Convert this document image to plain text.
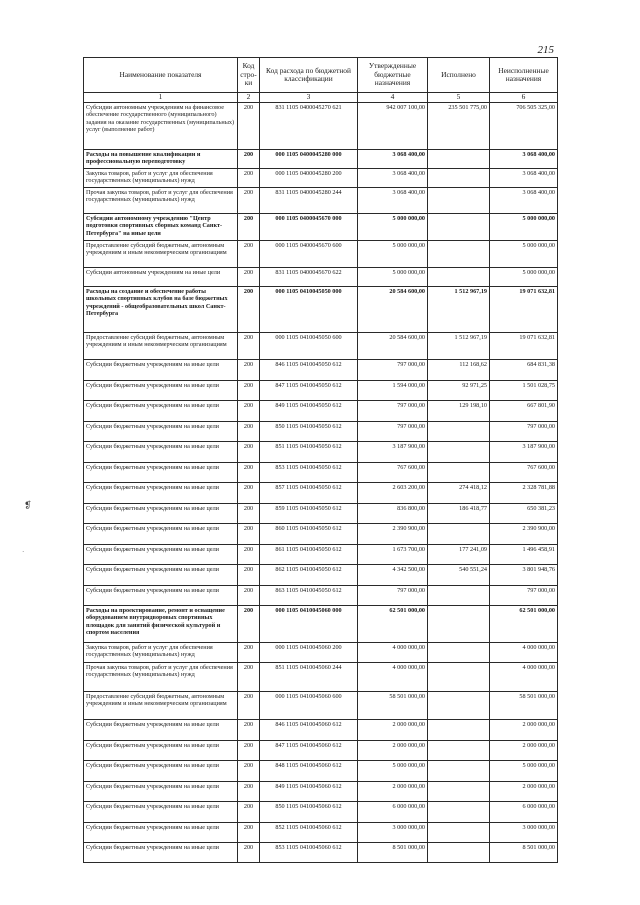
215
❡
·
Наименование показателя	Код стро-ки	Код расхода по бюджетной классификации	Утвержденные бюджетные назначения	Исполнено	Неисполненные назначения
1	2	3	4	5	6
Субсидии автономным учреждениям на финансовое обеспечение государственного (муниципального) задания на оказание государственных (муниципальных) услуг (выполнение работ)	200	831 1105 0400045270 621	942 007 100,00	235 501 775,00	706 505 325,00
Расходы на повышение квалификации и профессиональную переподготовку	200	000 1105 0400045280 000	3 068 400,00		3 068 400,00
Закупка товаров, работ и услуг для обеспечения государственных (муниципальных) нужд	200	000 1105 0400045280 200	3 068 400,00		3 068 400,00
Прочая закупка товаров, работ и услуг для обеспечения государственных (муниципальных) нужд	200	831 1105 0400045280 244	3 068 400,00		3 068 400,00
Субсидии автономному учреждению "Центр подготовки спортивных сборных команд Санкт-Петербурга" на иные цели	200	000 1105 0400045670 000	5 000 000,00		5 000 000,00
Предоставление субсидий бюджетным, автономным учреждениям и иным некоммерческим организациям	200	000 1105 0400045670 600	5 000 000,00		5 000 000,00
Субсидии автономным учреждениям на иные цели	200	831 1105 0400045670 622	5 000 000,00		5 000 000,00
Расходы на создание и обеспечение работы школьных спортивных клубов на базе бюджетных учреждений - общеобразовательных школ Санкт-Петербурга	200	000 1105 0410045050 000	20 584 600,00	1 512 967,19	19 071 632,81
Предоставление субсидий бюджетным, автономным учреждениям и иным некоммерческим организациям	200	000 1105 0410045050 600	20 584 600,00	1 512 967,19	19 071 632,81
Субсидии бюджетным учреждениям на иные цели	200	846 1105 0410045050 612	797 000,00	112 168,62	684 831,38
Субсидии бюджетным учреждениям на иные цели	200	847 1105 0410045050 612	1 594 000,00	92 971,25	1 501 028,75
Субсидии бюджетным учреждениям на иные цели	200	849 1105 0410045050 612	797 000,00	129 198,10	667 801,90
Субсидии бюджетным учреждениям на иные цели	200	850 1105 0410045050 612	797 000,00		797 000,00
Субсидии бюджетным учреждениям на иные цели	200	851 1105 0410045050 612	3 187 900,00		3 187 900,00
Субсидии бюджетным учреждениям на иные цели	200	853 1105 0410045050 612	767 600,00		767 600,00
Субсидии бюджетным учреждениям на иные цели	200	857 1105 0410045050 612	2 603 200,00	274 418,12	2 328 781,88
Субсидии бюджетным учреждениям на иные цели	200	859 1105 0410045050 612	836 800,00	186 418,77	650 381,23
Субсидии бюджетным учреждениям на иные цели	200	860 1105 0410045050 612	2 390 900,00		2 390 900,00
Субсидии бюджетным учреждениям на иные цели	200	861 1105 0410045050 612	1 673 700,00	177 241,09	1 496 458,91
Субсидии бюджетным учреждениям на иные цели	200	862 1105 0410045050 612	4 342 500,00	540 551,24	3 801 948,76
Субсидии бюджетным учреждениям на иные цели	200	863 1105 0410045050 612	797 000,00		797 000,00
Расходы на проектирование, ремонт и оснащение оборудованием внутридворовых спортивных площадок для занятий физической культурой и спортом населения	200	000 1105 0410045060 000	62 501 000,00		62 501 000,00
Закупка товаров, работ и услуг для обеспечения государственных (муниципальных) нужд	200	000 1105 0410045060 200	4 000 000,00		4 000 000,00
Прочая закупка товаров, работ и услуг для обеспечения государственных (муниципальных) нужд	200	851 1105 0410045060 244	4 000 000,00		4 000 000,00
Предоставление субсидий бюджетным, автономным учреждениям и иным некоммерческим организациям	200	000 1105 0410045060 600	58 501 000,00		58 501 000,00
Субсидии бюджетным учреждениям на иные цели	200	846 1105 0410045060 612	2 000 000,00		2 000 000,00
Субсидии бюджетным учреждениям на иные цели	200	847 1105 0410045060 612	2 000 000,00		2 000 000,00
Субсидии бюджетным учреждениям на иные цели	200	848 1105 0410045060 612	5 000 000,00		5 000 000,00
Субсидии бюджетным учреждениям на иные цели	200	849 1105 0410045060 612	2 000 000,00		2 000 000,00
Субсидии бюджетным учреждениям на иные цели	200	850 1105 0410045060 612	6 000 000,00		6 000 000,00
Субсидии бюджетным учреждениям на иные цели	200	852 1105 0410045060 612	3 000 000,00		3 000 000,00
Субсидии бюджетным учреждениям на иные цели	200	853 1105 0410045060 612	8 501 000,00		8 501 000,00
